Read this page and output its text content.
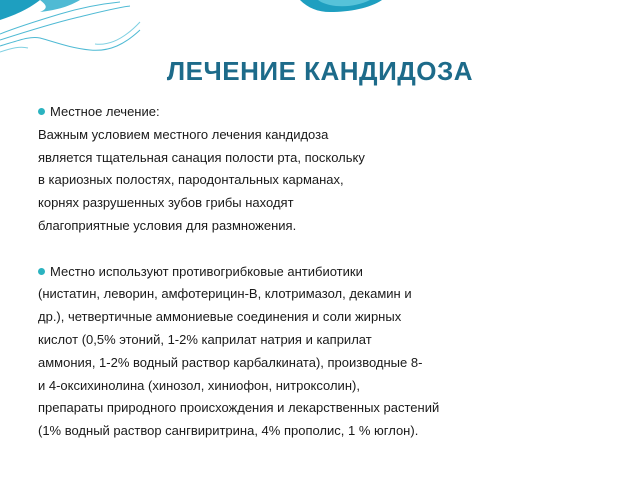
ЛЕЧЕНИЕ КАНДИДОЗА
Местное лечение:
Важным условием местного лечения кандидоза
является тщательная санация полости рта, поскольку
в кариозных полостях, пародонтальных карманах,
корнях разрушенных зубов грибы находят
благоприятные условия для размножения.
Местно используют противогрибковые антибиотики
(нистатин, леворин, амфотерицин-В, клотримазол, декамин и
др.), четвертичные аммониевые соединения и соли жирных
кислот (0,5% этоний, 1-2% каприлат натрия и каприлат
аммония, 1-2% водный раствор карбалкината), производные 8-
и 4-оксихинолина (хинозол, хиниофон, нитроксолин),
препараты природного происхождения и лекарственных растений
(1% водный раствор сангвиритрина, 4% прополис, 1 % юглон).
